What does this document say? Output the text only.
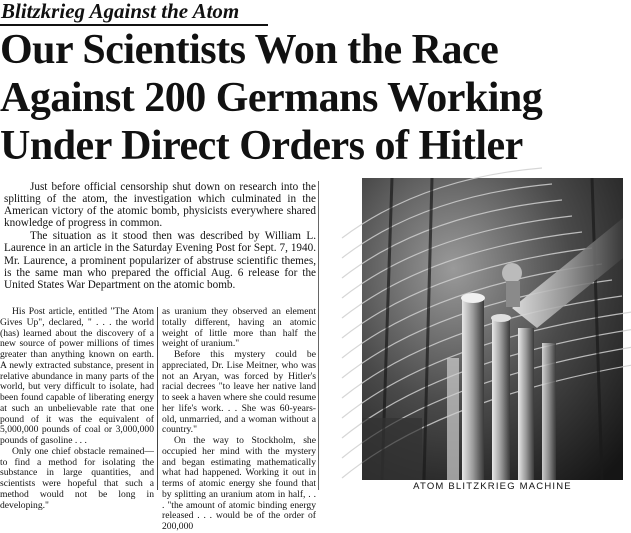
Blitzkrieg Against the Atom
Our Scientists Won the Race
Against 200 Germans Working
Under Direct Orders of Hitler

Just before official censorship shut down on research into the splitting of the atom, the investigation which culminated in the American victory of the atomic bomb, physicists everywhere shared knowledge of progress in common.

The situation as it stood then was described by William L. Laurence in an article in the Saturday Evening Post for Sept. 7, 1940. Mr. Laurence, a prominent popularizer of abstruse scientific themes, is the same man who prepared the official Aug. 6 release for the United States War Department on the atomic bomb.

His Post article, entitled "The Atom Gives Up", declared, " . . . the world (has) learned about the discovery of a new source of power millions of times greater than anything known on earth. A newly extracted substance, present in relative abundance in many parts of the world, but very difficult to isolate, had been found capable of liberating energy at such an unbelievable rate that one pound of it was the equivalent of 5,000,000 pounds of coal or 3,000,000 pounds of gasoline . . .

Only one chief obstacle remained— to find a method for isolating the substance in large quantities, and scientists were hopeful that such a method would not be long in developing."

as uranium they observed an element totally different, having an atomic weight of little more than half the weight of uranium."

Before this mystery could be appreciated, Dr. Lise Meitner, who was not an Aryan, was forced by Hitler's racial decrees "to leave her native land to seek a haven where she could resume her life's work. . . She was 60-years-old, unmarried, and a woman without a country."

On the way to Stockholm, she occupied her mind with the mystery and began estimating mathematically what had happened. Working it out in terms of atomic energy she found that by splitting an uranium atom in half, . . . "the amount of atomic binding energy released . . . would be of the order of 200,000

ATOM BLITZKRIEG MACHINE
